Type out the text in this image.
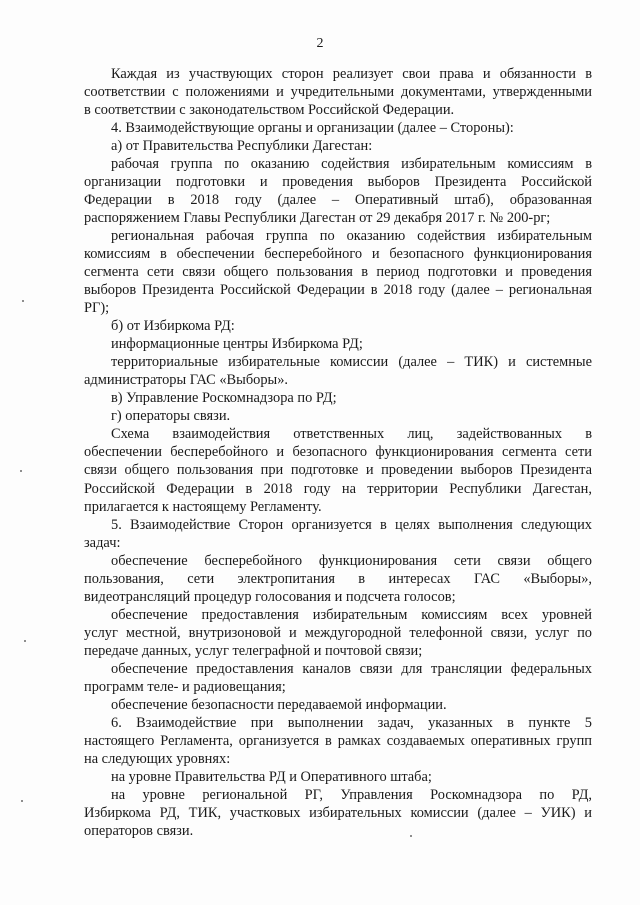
2
Каждая из участвующих сторон реализует свои права и обязанности в
соответствии с положениями и учредительными документами, утвержденными
в соответствии с законодательством Российской Федерации.
4. Взаимодействующие органы и организации (далее – Стороны):
а) от Правительства Республики Дагестан:
рабочая группа по оказанию содействия избирательным комиссиям в
организации подготовки и проведения выборов Президента Российской
Федерации в 2018 году (далее – Оперативный штаб), образованная
распоряжением Главы Республики Дагестан от 29 декабря 2017 г. № 200-рг;
региональная рабочая группа по оказанию содействия избирательным
комиссиям в обеспечении бесперебойного и безопасного функционирования
сегмента сети связи общего пользования в период подготовки и проведения
выборов Президента Российской Федерации в 2018 году (далее – региональная
РГ);
б) от Избиркома РД:
информационные центры Избиркома РД;
территориальные избирательные комиссии (далее – ТИК) и системные
администраторы ГАС «Выборы».
в) Управление Роскомнадзора по РД;
г) операторы связи.
Схема взаимодействия ответственных лиц, задействованных в
обеспечении бесперебойного и безопасного функционирования сегмента сети
связи общего пользования при подготовке и проведении выборов Президента
Российской Федерации в 2018 году на территории Республики Дагестан,
прилагается к настоящему Регламенту.
5. Взаимодействие Сторон организуется в целях выполнения следующих
задач:
обеспечение бесперебойного функционирования сети связи общего
пользования, сети электропитания в интересах ГАС «Выборы»,
видеотрансляций процедур голосования и подсчета голосов;
обеспечение предоставления избирательным комиссиям всех уровней
услуг местной, внутризоновой и междугородной телефонной связи, услуг по
передаче данных, услуг телеграфной и почтовой связи;
обеспечение предоставления каналов связи для трансляции федеральных
программ теле- и радиовещания;
обеспечение безопасности передаваемой информации.
6. Взаимодействие при выполнении задач, указанных в пункте 5
настоящего Регламента, организуется в рамках создаваемых оперативных групп
на следующих уровнях:
на уровне Правительства РД и Оперативного штаба;
на уровне региональной РГ, Управления Роскомнадзора по РД,
Избиркома РД, ТИК, участковых избирательных комиссии (далее – УИК) и
операторов связи.
